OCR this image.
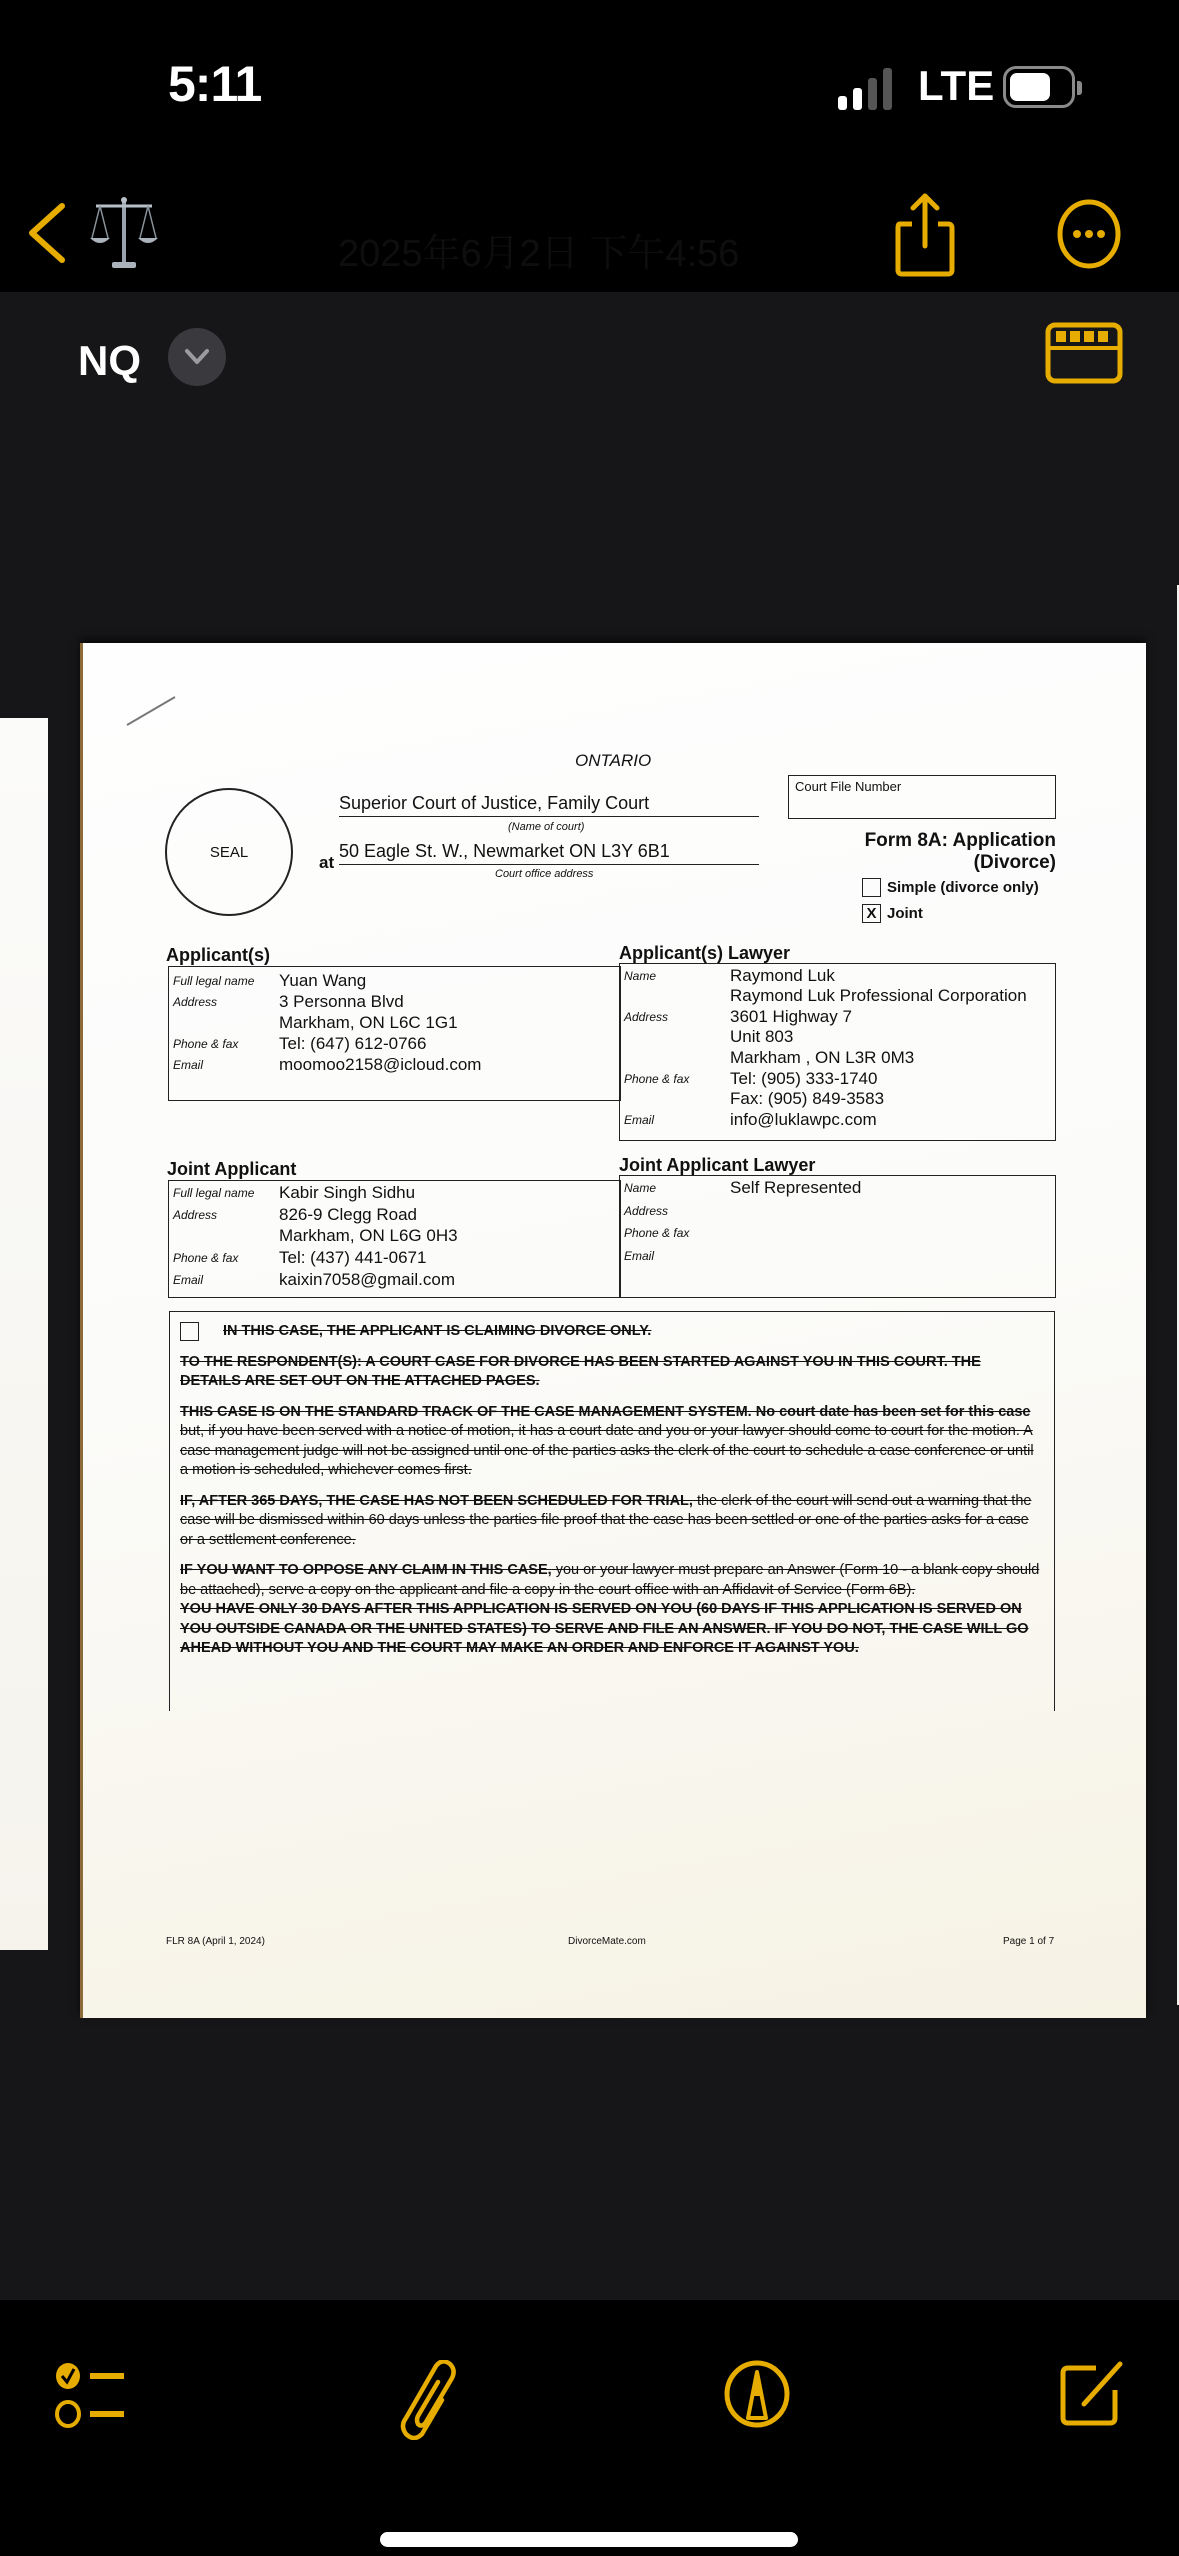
5:11	LTE
2025年6月2日 下午4:56
NQ
ONTARIO
SEAL
Superior Court of Justice, Family Court
(Name of court)
at
50 Eagle St. W., Newmarket ON L3Y 6B1
Court office address
Court File Number
Form 8A: Application
(Divorce)
Simple (divorce only)
X Joint
Applicant(s)
Full legal name Yuan Wang
Address	3 Personna Blvd
Markham, ON L6C 1G1
Phone & fax Tel: (647) 612-0766
Email	moomoo2158@icloud.com
Applicant(s) Lawyer
Name	Raymond Luk
Raymond Luk Professional Corporation
Address	3601 Highway 7
Unit 803
Markham , ON L3R 0M3
Phone & fax Tel: (905) 333-1740
Fax: (905) 849-3583
Email	info@luklawpc.com
Joint Applicant
Full legal name Kabir Singh Sidhu
Address	826-9 Clegg Road
Markham, ON L6G 0H3
Phone & fax Tel: (437) 441-0671
Email	kaixin7058@gmail.com
Joint Applicant Lawyer
Name	Self Represented
Address
Phone & fax
Email

IN THIS CASE, THE APPLICANT IS CLAIMING DIVORCE ONLY.

TO THE RESPONDENT(S): A COURT CASE FOR DIVORCE HAS BEEN STARTED AGAINST YOU IN THIS COURT. THE DETAILS ARE SET OUT ON THE ATTACHED PAGES.

THIS CASE IS ON THE STANDARD TRACK OF THE CASE MANAGEMENT SYSTEM. No court date has been set for this case but, if you have been served with a notice of motion, it has a court date and you or your lawyer should come to court for the motion. A case management judge will not be assigned until one of the parties asks the clerk of the court to schedule a case conference or until a motion is scheduled, whichever comes first.

IF, AFTER 365 DAYS, THE CASE HAS NOT BEEN SCHEDULED FOR TRIAL, the clerk of the court will send out a warning that the case will be dismissed within 60 days unless the parties file proof that the case has been settled or one of the parties asks for a case or a settlement conference.

IF YOU WANT TO OPPOSE ANY CLAIM IN THIS CASE, you or your lawyer must prepare an Answer (Form 10 - a blank copy should be attached), serve a copy on the applicant and file a copy in the court office with an Affidavit of Service (Form 6B).

YOU HAVE ONLY 30 DAYS AFTER THIS APPLICATION IS SERVED ON YOU (60 DAYS IF THIS APPLICATION IS SERVED ON YOU OUTSIDE CANADA OR THE UNITED STATES) TO SERVE AND FILE AN ANSWER. IF YOU DO NOT, THE CASE WILL GO AHEAD WITHOUT YOU AND THE COURT MAY MAKE AN ORDER AND ENFORCE IT AGAINST YOU.

FLR 8A (April 1, 2024)	DivorceMate.com	Page 1 of 7
